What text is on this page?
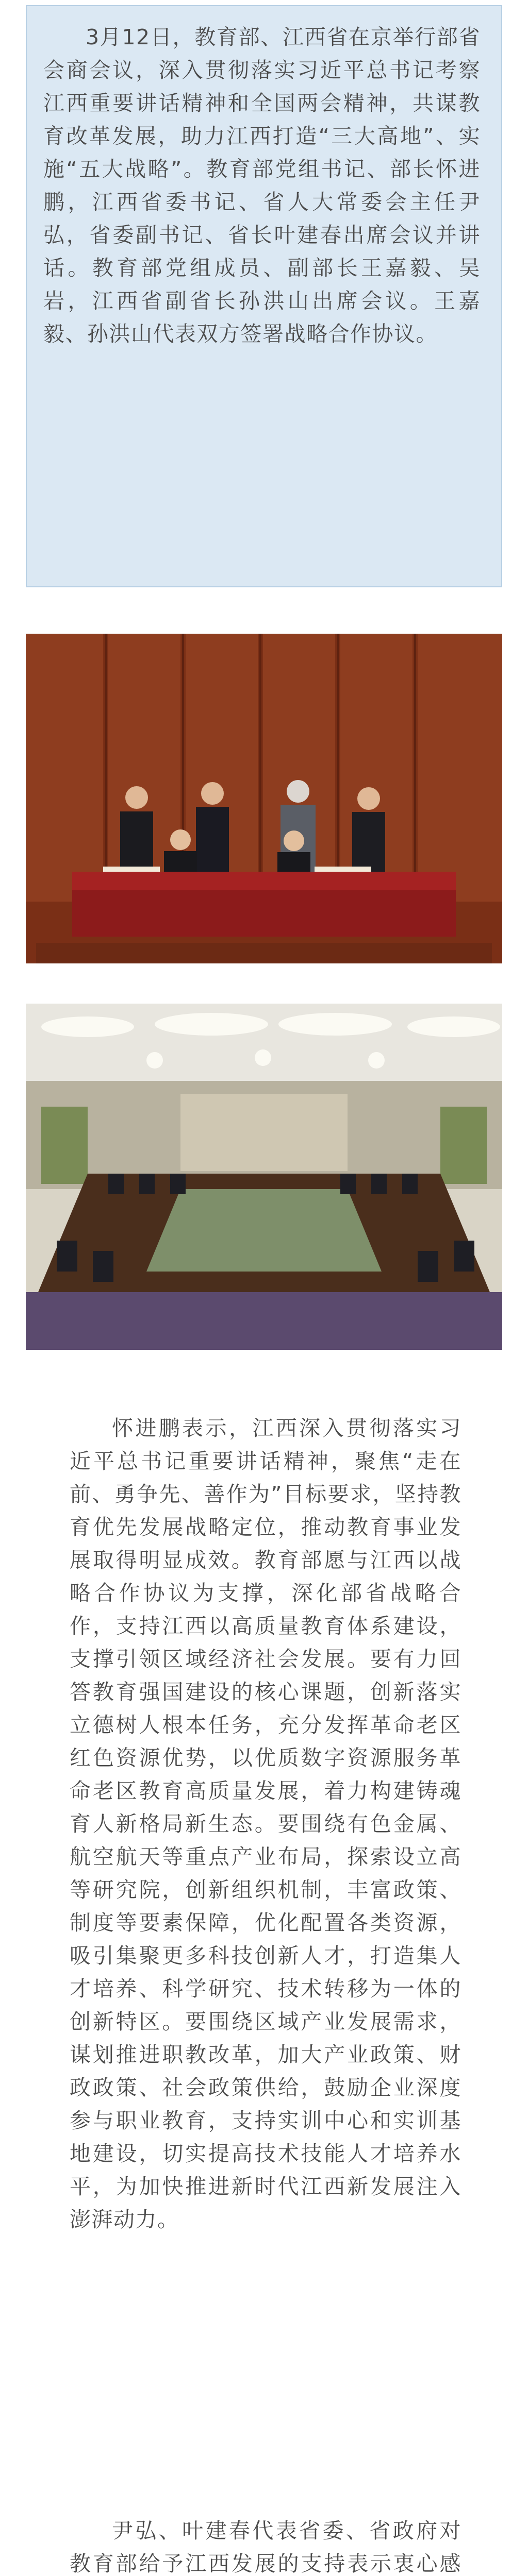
3月12日，教育部、江西省在京举行部省会商会议，深入贯彻落实习近平总书记考察江西重要讲话精神和全国两会精神，共谋教育改革发展，助力江西打造“三大高地”、实施“五大战略”。教育部党组书记、部长怀进鹏，江西省委书记、省人大常委会主任尹弘，省委副书记、省长叶建春出席会议并讲话。教育部党组成员、副部长王嘉毅、吴岩，江西省副省长孙洪山出席会议。王嘉毅、孙洪山代表双方签署战略合作协议。

怀进鹏表示，江西深入贯彻落实习近平总书记重要讲话精神，聚焦“走在前、勇争先、善作为”目标要求，坚持教育优先发展战略定位，推动教育事业发展取得明显成效。教育部愿与江西以战略合作协议为支撑，深化部省战略合作，支持江西以高质量教育体系建设，支撑引领区域经济社会发展。要有力回答教育强国建设的核心课题，创新落实立德树人根本任务，充分发挥革命老区红色资源优势，以优质数字资源服务革命老区教育高质量发展，着力构建铸魂育人新格局新生态。要围绕有色金属、航空航天等重点产业布局，探索设立高等研究院，创新组织机制，丰富政策、制度等要素保障，优化配置各类资源，吸引集聚更多科技创新人才，打造集人才培养、科学研究、技术转移为一体的创新特区。要围绕区域产业发展需求，谋划推进职教改革，加大产业政策、财政政策、社会政策供给，鼓励企业深度参与职业教育，支持实训中心和实训基地建设，切实提高技术技能人才培养水平，为加快推进新时代江西新发展注入澎湃动力。

尹弘、叶建春代表省委、省政府对教育部给予江西发展的支持表示衷心感
